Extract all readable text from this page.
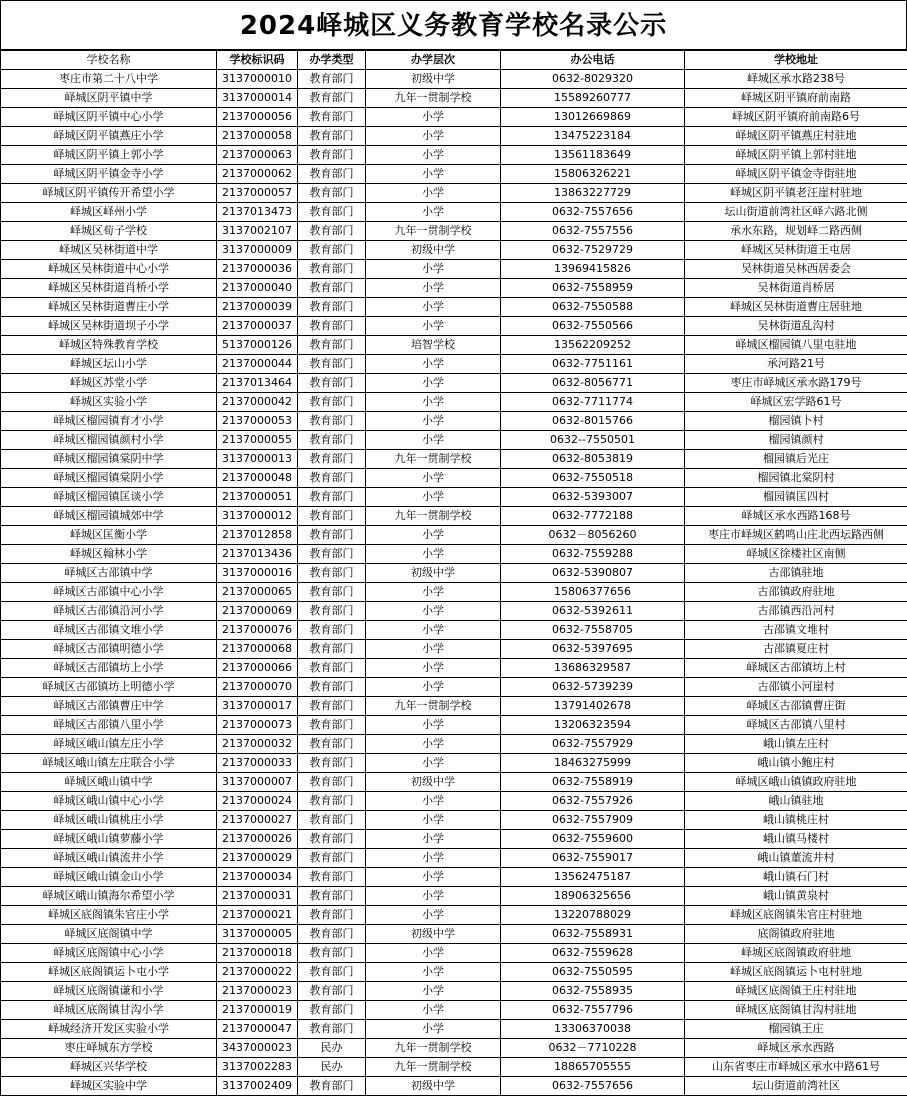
2024峄城区义务教育学校名录公示
学校名称	学校标识码	办学类型	办学层次	办公电话	学校地址
枣庄市第二十八中学	3137000010	教育部门	初级中学	0632-8029320	峄城区承水路238号
峄城区阴平镇中学	3137000014	教育部门	九年一贯制学校	15589260777	峄城区阴平镇府前南路
峄城区阴平镇中心小学	2137000056	教育部门	小学	13012669869	峄城区阴平镇府前南路6号
峄城区阴平镇燕庄小学	2137000058	教育部门	小学	13475223184	峄城区阴平镇燕庄村驻地
峄城区阴平镇上郭小学	2137000063	教育部门	小学	13561183649	峄城区阴平镇上郭村驻地
峄城区阴平镇金寺小学	2137000062	教育部门	小学	15806326221	峄城区阴平镇金寺街驻地
峄城区阴平镇传开希望小学	2137000057	教育部门	小学	13863227729	峄城区阴平镇老汪崖村驻地
峄城区峄州小学	2137013473	教育部门	小学	0632-7557656	坛山街道前湾社区峄六路北侧
峄城区荀子学校	3137002107	教育部门	九年一贯制学校	0632-7557556	承水东路，规划峄二路西侧
峄城区吴林街道中学	3137000009	教育部门	初级中学	0632-7529729	峄城区吴林街道王屯居
峄城区吴林街道中心小学	2137000036	教育部门	小学	13969415826	吴林街道吴林西居委会
峄城区吴林街道肖桥小学	2137000040	教育部门	小学	0632-7558959	吴林街道肖桥居
峄城区吴林街道曹庄小学	2137000039	教育部门	小学	0632-7550588	峄城区吴林街道曹庄居驻地
峄城区吴林街道坝子小学	2137000037	教育部门	小学	0632-7550566	吴林街道乱沟村
峄城区特殊教育学校	5137000126	教育部门	培智学校	13562209252	峄城区榴园镇八里屯驻地
峄城区坛山小学	2137000044	教育部门	小学	0632-7751161	承河路21号
峄城区苏堂小学	2137013464	教育部门	小学	0632-8056771	枣庄市峄城区承水路179号
峄城区实验小学	2137000042	教育部门	小学	0632-7711774	峄城区宏学路61号
峄城区榴园镇育才小学	2137000053	教育部门	小学	0632-8015766	榴园镇卜村
峄城区榴园镇颜村小学	2137000055	教育部门	小学	0632--7550501	榴园镇颜村
峄城区榴园镇棠阴中学	3137000013	教育部门	九年一贯制学校	0632-8053819	榴园镇后光庄
峄城区榴园镇棠阴小学	2137000048	教育部门	小学	0632-7550518	榴园镇北棠阴村
峄城区榴园镇匡谈小学	2137000051	教育部门	小学	0632-5393007	榴园镇匡四村
峄城区榴园镇城郊中学	3137000012	教育部门	九年一贯制学校	0632-7772188	峄城区承水西路168号
峄城区匡衡小学	2137012858	教育部门	小学	0632－8056260	枣庄市峄城区鹤鸣山庄北西坛路西侧
峄城区翰林小学	2137013436	教育部门	小学	0632-7559288	峄城区徐楼社区南侧
峄城区古邵镇中学	3137000016	教育部门	初级中学	0632-5390807	古邵镇驻地
峄城区古邵镇中心小学	2137000065	教育部门	小学	15806377656	古邵镇政府驻地
峄城区古邵镇沿河小学	2137000069	教育部门	小学	0632-5392611	古邵镇西沿河村
峄城区古邵镇文堆小学	2137000076	教育部门	小学	0632-7558705	古邵镇文堆村
峄城区古邵镇明德小学	2137000068	教育部门	小学	0632-5397695	古邵镇夏庄村
峄城区古邵镇坊上小学	2137000066	教育部门	小学	13686329587	峄城区古邵镇坊上村
峄城区古邵镇坊上明德小学	2137000070	教育部门	小学	0632-5739239	古邵镇小河崖村
峄城区古邵镇曹庄中学	3137000017	教育部门	九年一贯制学校	13791402678	峄城区古邵镇曹庄街
峄城区古邵镇八里小学	2137000073	教育部门	小学	13206323594	峄城区古邵镇八里村
峄城区峨山镇左庄小学	2137000032	教育部门	小学	0632-7557929	峨山镇左庄村
峄城区峨山镇左庄联合小学	2137000033	教育部门	小学	18463275999	峨山镇小鲍庄村
峄城区峨山镇中学	3137000007	教育部门	初级中学	0632-7558919	峄城区峨山镇镇政府驻地
峄城区峨山镇中心小学	2137000024	教育部门	小学	0632-7557926	峨山镇驻地
峄城区峨山镇桃庄小学	2137000027	教育部门	小学	0632-7557909	峨山镇桃庄村
峄城区峨山镇萝藤小学	2137000026	教育部门	小学	0632-7559600	峨山镇马楼村
峄城区峨山镇流井小学	2137000029	教育部门	小学	0632-7559017	峨山镇董流井村
峄城区峨山镇金山小学	2137000034	教育部门	小学	13562475187	峨山镇石门村
峄城区峨山镇海尔希望小学	2137000031	教育部门	小学	18906325656	峨山镇黄泉村
峄城区底阁镇朱官庄小学	2137000021	教育部门	小学	13220788029	峄城区底阁镇朱官庄村驻地
峄城区底阁镇中学	3137000005	教育部门	初级中学	0632-7558931	底阁镇政府驻地
峄城区底阁镇中心小学	2137000018	教育部门	小学	0632-7559628	峄城区底阁镇政府驻地
峄城区底阁镇运卜屯小学	2137000022	教育部门	小学	0632-7550595	峄城区底阁镇运卜屯村驻地
峄城区底阁镇谦和小学	2137000023	教育部门	小学	0632-7558935	峄城区底阁镇王庄村驻地
峄城区底阁镇甘沟小学	2137000019	教育部门	小学	0632-7557796	峄城区底阁镇甘沟村驻地
峄城经济开发区实验小学	2137000047	教育部门	小学	13306370038	榴园镇王庄
枣庄峄城东方学校	3437000023	民办	九年一贯制学校	0632－7710228	峄城区承水西路
峄城区兴华学校	3137002283	民办	九年一贯制学校	18865705555	山东省枣庄市峄城区承水中路61号
峄城区实验中学	3137002409	教育部门	初级中学	0632-7557656	坛山街道前湾社区
